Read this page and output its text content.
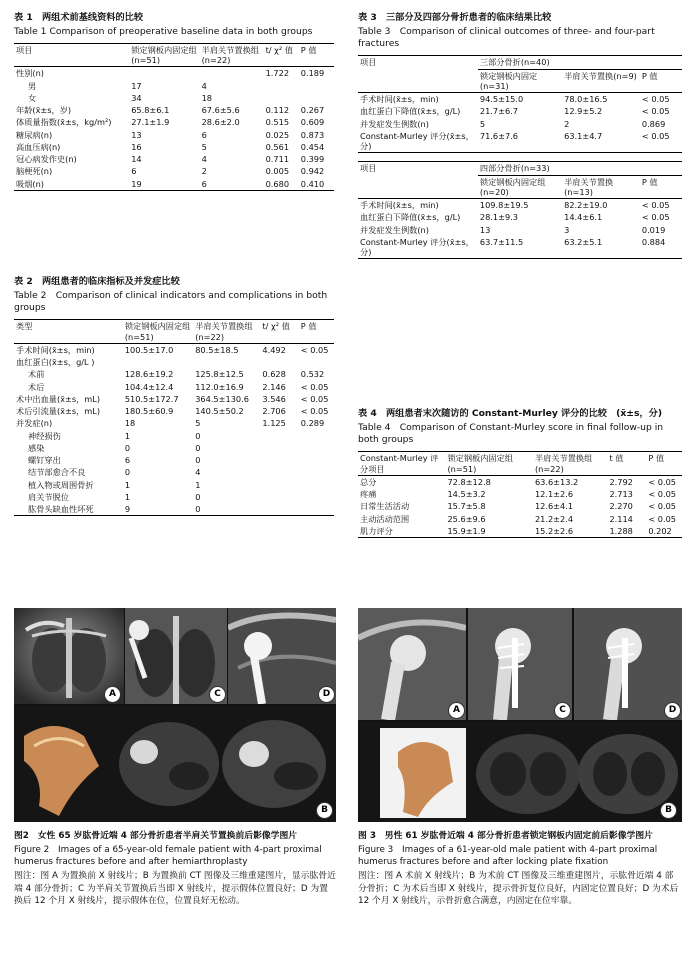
表 1　两组术前基线资料的比较
Table 1 Comparison of preoperative baseline data in both groups
项目	锁定钢板内固定组 (n=51)	半肩关节置换组 (n=22)	t/ χ² 值	P 值
性别(n)			1.722	0.189
男	17	4		
女	34	18		
年龄(x̄±s，岁)	65.8±6.1	67.6±5.6	0.112	0.267
体质量指数(x̄±s，kg/m²)	27.1±1.9	28.6±2.0	0.515	0.609
糖尿病(n)	13	6	0.025	0.873
高血压病(n)	16	5	0.561	0.454
冠心病发作史(n)	14	4	0.711	0.399
脑梗死(n)	6	2	0.005	0.942
吸烟(n)	19	6	0.680	0.410
表 2　两组患者的临床指标及并发症比较
Table 2　Comparison of clinical indicators and complications in both groups
类型	锁定钢板内固定组(n=51)	半肩关节置换组(n=22)	t/ χ² 值	P 值
手术时间(x̄±s，min)	100.5±17.0	80.5±18.5	4.492	< 0.05
血红蛋白(x̄±s，g/L )				
术前	128.6±19.2	125.8±12.5	0.628	0.532
术后	104.4±12.4	112.0±16.9	2.146	< 0.05
术中出血量(x̄±s，mL)	510.5±172.7	364.5±130.6	3.546	< 0.05
术后引流量(x̄±s，mL)	180.5±60.9	140.5±50.2	2.706	< 0.05
并发症(n)	18	5	1.125	0.289
神经损伤	1	0		
感染	0	0		
螺钉穿出	6	0		
结节部愈合不良	0	4		
植入物或周围骨折	1	1		
肩关节脱位	1	0		
肱骨头缺血性坏死	9	0		
表 3　三部分及四部分骨折患者的临床结果比较
Table 3　Comparison of clinical outcomes of three- and four-part fractures
项目	三部分骨折(n=40)		
	锁定钢板内固定(n=31)	半肩关节置换(n=9)	P 值
手术时间(x̄±s，min)	94.5±15.0	78.0±16.5	< 0.05
血红蛋白下降值(x̄±s，g/L)	21.7±6.7	12.9±5.2	< 0.05
并发症发生例数(n)	5	2	0.869
Constant-Murley 评分(x̄±s，分)	71.6±7.6	63.1±4.7	< 0.05
项目	四部分骨折(n=33)		
	锁定钢板内固定组(n=20)	半肩关节置换(n=13)	P 值
手术时间(x̄±s，min)	109.8±19.5	82.2±19.0	< 0.05
血红蛋白下降值(x̄±s，g/L)	28.1±9.3	14.4±6.1	< 0.05
并发症发生例数(n)	13	3	0.019
Constant-Murley 评分(x̄±s，分)	63.7±11.5	63.2±5.1	0.884
表 4　两组患者末次随访的 Constant-Murley 评分的比较　(x̄±s，分)
Table 4　Comparison of Constant-Murley score in final follow-up in both groups
Constant-Murley 评分项目	锁定钢板内固定组(n=51)	半肩关节置换组(n=22)	t 值	P 值
总分	72.8±12.8	63.6±13.2	2.792	< 0.05
疼痛	14.5±3.2	12.1±2.6	2.713	< 0.05
日常生活活动	15.7±5.8	12.6±4.1	2.270	< 0.05
主动活动范围	25.6±9.6	21.2±2.4	2.114	< 0.05
肌力评分	15.9±1.9	15.2±2.6	1.288	0.202
A	C	D
B

图2　女性 65 岁肱骨近端 4 部分骨折患者半肩关节置换前后影像学图片

Figure 2　Images of a 65-year-old female patient with 4-part proximal humerus fractures before and after hemiarthroplasty

图注：图 A 为置换前 X 射线片；B 为置换前 CT 图像及三维重建图片，显示肱骨近端 4 部分骨折；C 为半肩关节置换后当即 X 射线片，提示假体位置良好；D 为置换后 12 个月 X 射线片，提示假体在位，位置良好无松动。

A	C	D
B

图 3　男性 61 岁肱骨近端 4 部分骨折患者锁定钢板内固定前后影像学图片

Figure 3　Images of a 61-year-old male patient with 4-part proximal humerus fractures before and after locking plate fixation

图注：图 A 术前 X 射线片；B 为术前 CT 图像及三维重建图片，示肱骨近端 4 部分骨折；C 为术后当即 X 射线片，提示骨折复位良好，内固定位置良好；D 为术后 12 个月 X 射线片，示骨折愈合满意，内固定在位牢靠。
